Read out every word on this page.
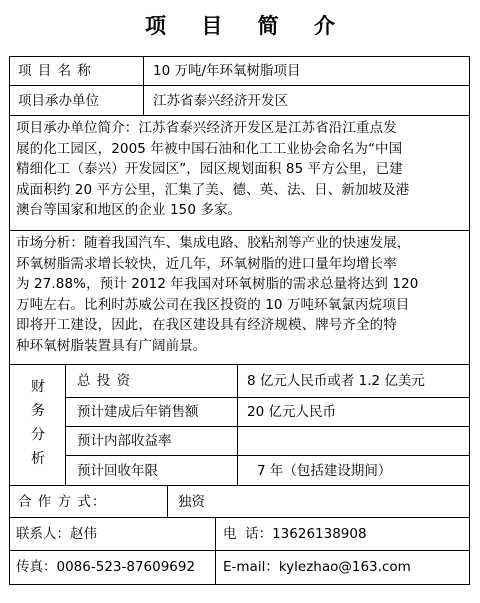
项 目 简 介
项 目 名 称	10 万吨/年环氧树脂项目
项目承办单位	江苏省泰兴经济开发区
项目承办单位简介：江苏省泰兴经济开发区是江苏省沿江重点发
展的化工园区，2005 年被中国石油和化工工业协会命名为“中国
精细化工（泰兴）开发园区”，园区规划面积 85 平方公里，已建
成面积约 20 平方公里，汇集了美、德、英、法、日、新加坡及港
澳台等国家和地区的企业 150 多家。
市场分析：随着我国汽车、集成电路、胶粘剂等产业的快速发展，
环氧树脂需求增长较快，近几年，环氧树脂的进口量年均增长率
为 27.88%，预计 2012 年我国对环氧树脂的需求总量将达到 120
万吨左右。比利时苏威公司在我区投资的 10 万吨环氧氯丙烷项目
即将开工建设，因此，在我区建设具有经济规模、牌号齐全的特
种环氧树脂装置具有广阔前景。
财
务
分
析
总 投 资	8 亿元人民币或者 1.2 亿美元
预计建成后年销售额	20 亿元人民币
预计内部收益率
预计回收年限	7 年（包括建设期间）
合 作 方 式：	独资
联系人：赵伟	电  话：13626138908
传真：0086-523-87609692 E-mail：kylezhao@163.com
